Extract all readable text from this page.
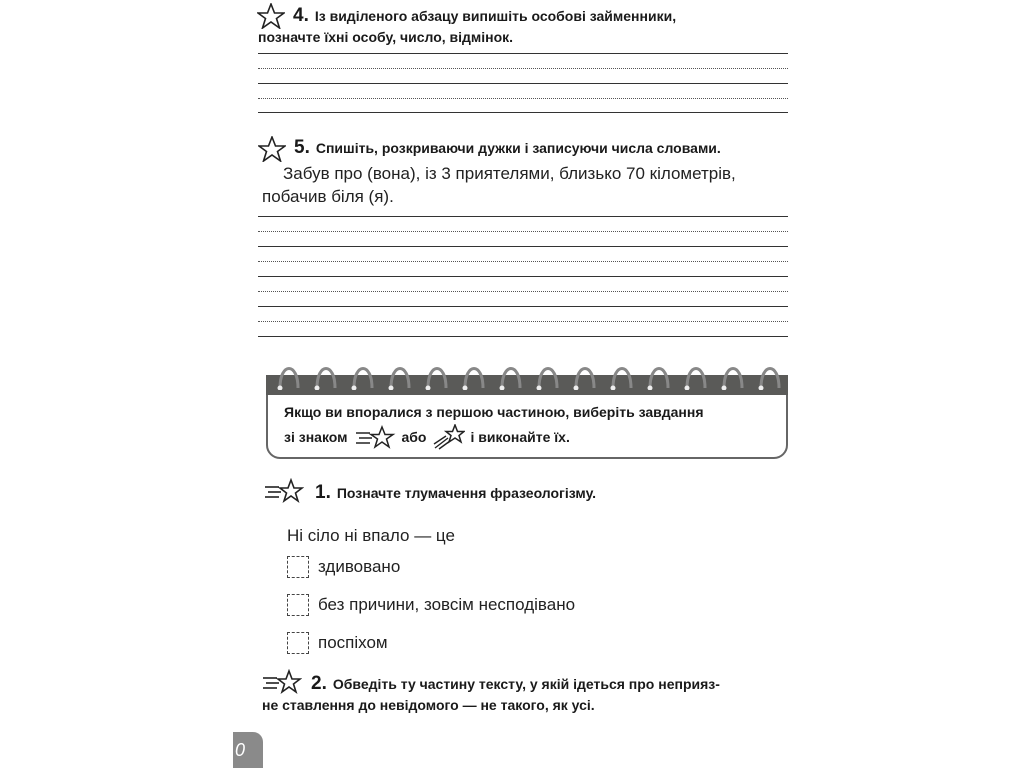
4. Із виділеного абзацу випишіть особові займенники,
позначте їхні особу, число, відмінок.
5. Спишіть, розкриваючи дужки і записуючи числа словами.
Забув про (вона), із 3 приятелями, близько 70 кілометрів,
побачив біля (я).
Якщо ви впоралися з першою частиною, виберіть завдання
зі знаком	або	і виконайте їх.
1. Позначте тлумачення фразеологізму.
Ні сіло ні впало — це
здивовано
без причини, зовсім несподівано
поспіхом
2. Обведіть ту частину тексту, у якій ідеться про неприяз-
не ставлення до невідомого — не такого, як усі.
0
